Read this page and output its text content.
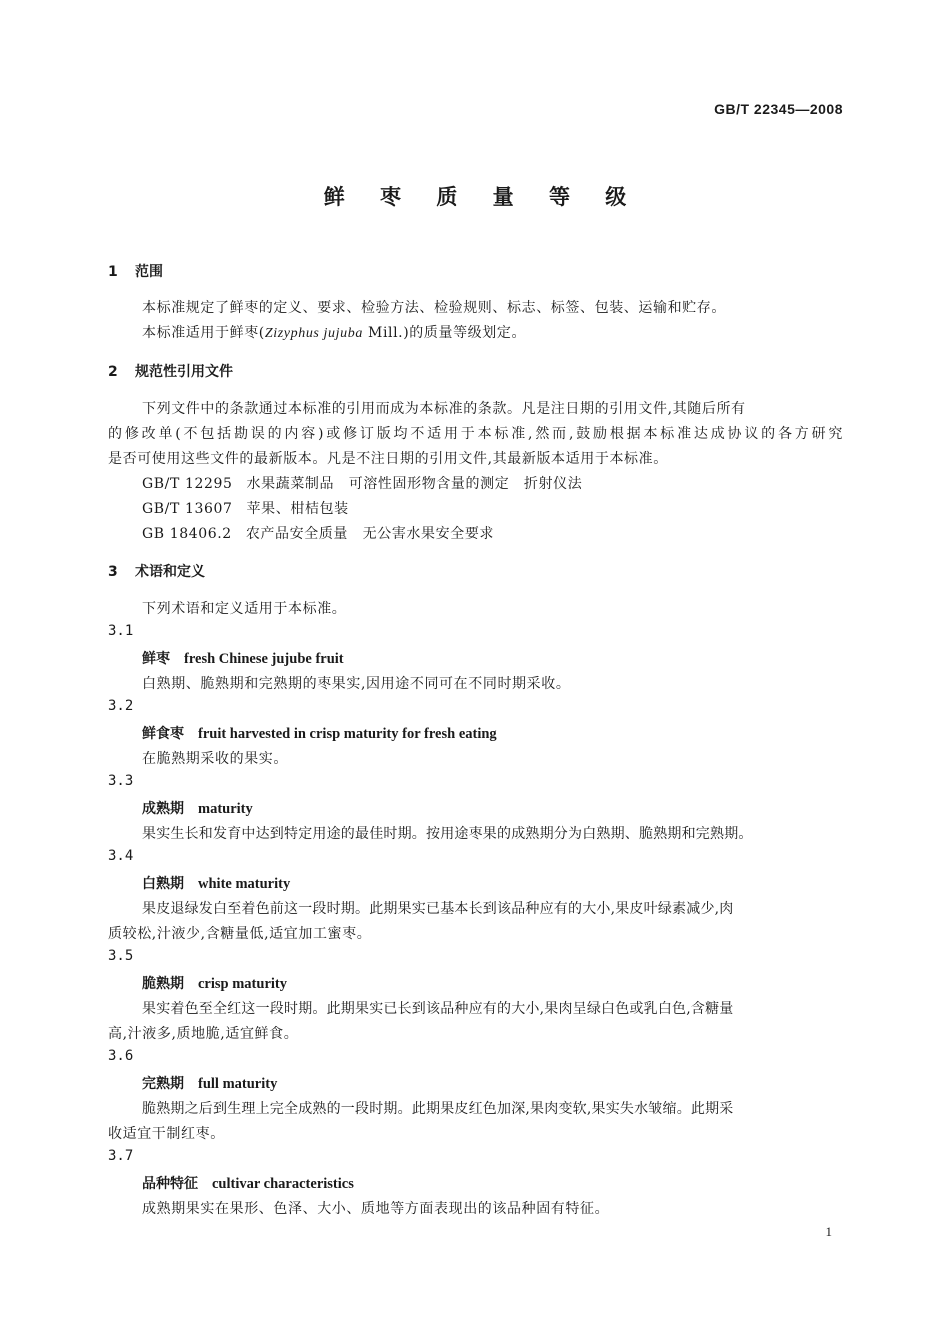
GB/T 22345—2008
鲜 枣 质 量 等 级
1 范围
本标准规定了鲜枣的定义、要求、检验方法、检验规则、标志、标签、包装、运输和贮存。
本标准适用于鲜枣(Zizyphus jujuba Mill.)的质量等级划定。
2 规范性引用文件
下列文件中的条款通过本标准的引用而成为本标准的条款。凡是注日期的引用文件,其随后所有
的修改单(不包括勘误的内容)或修订版均不适用于本标准,然而,鼓励根据本标准达成协议的各方研究
是否可使用这些文件的最新版本。凡是不注日期的引用文件,其最新版本适用于本标准。
GB/T 12295 水果蔬菜制品　可溶性固形物含量的测定　折射仪法
GB/T 13607 苹果、柑桔包装
GB 18406.2 农产品安全质量　无公害水果安全要求
3 术语和定义
下列术语和定义适用于本标准。
3.1
鲜枣 fresh Chinese jujube fruit
白熟期、脆熟期和完熟期的枣果实,因用途不同可在不同时期采收。
3.2
鲜食枣 fruit harvested in crisp maturity for fresh eating
在脆熟期采收的果实。
3.3
成熟期 maturity
果实生长和发育中达到特定用途的最佳时期。按用途枣果的成熟期分为白熟期、脆熟期和完熟期。
3.4
白熟期 white maturity
果皮退绿发白至着色前这一段时期。此期果实已基本长到该品种应有的大小,果皮叶绿素减少,肉
质较松,汁液少,含糖量低,适宜加工蜜枣。
3.5
脆熟期 crisp maturity
果实着色至全红这一段时期。此期果实已长到该品种应有的大小,果肉呈绿白色或乳白色,含糖量
高,汁液多,质地脆,适宜鲜食。
3.6
完熟期 full maturity
脆熟期之后到生理上完全成熟的一段时期。此期果皮红色加深,果肉变软,果实失水皱缩。此期采
收适宜干制红枣。
3.7
品种特征 cultivar characteristics
成熟期果实在果形、色泽、大小、质地等方面表现出的该品种固有特征。
1
